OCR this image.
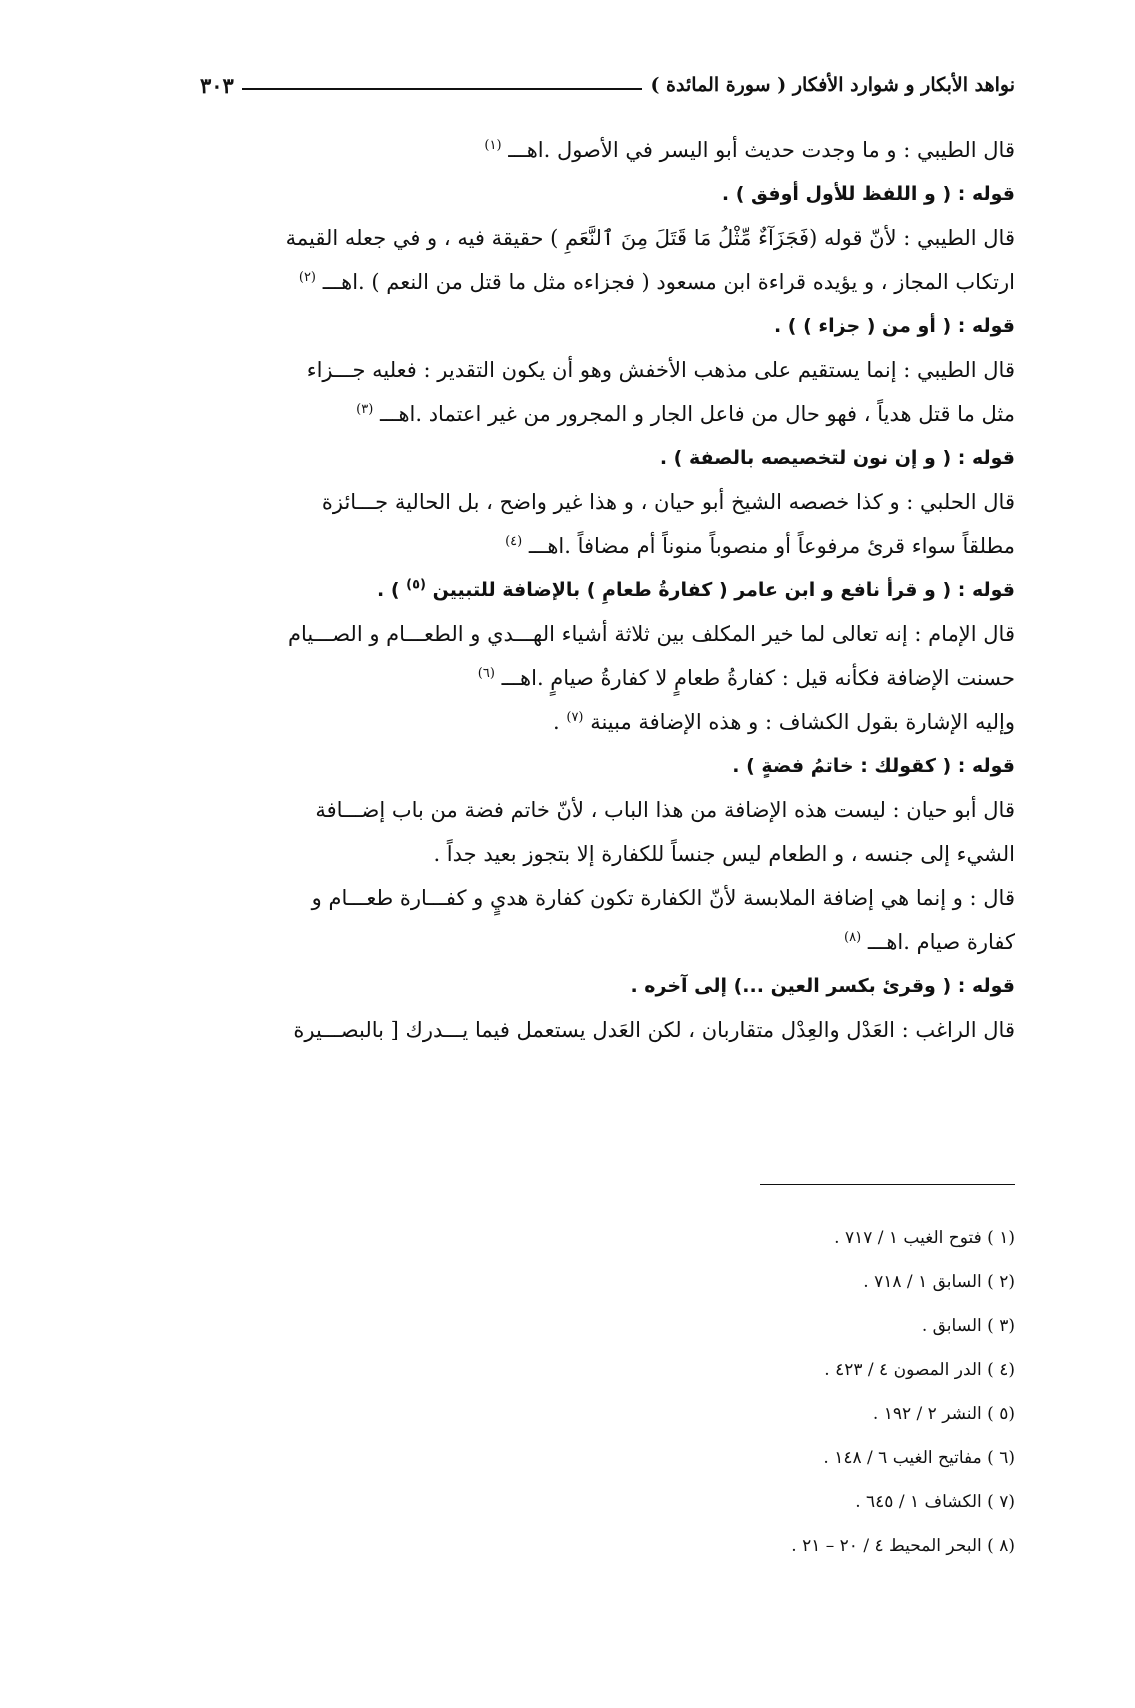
نواهد الأبكار و شوارد الأفكار ( سورة المائدة )
٣٠٣
قال الطيبي : و ما وجدت حديث أبو اليسر في الأصول .اهـــ $^{(١)}$
قوله : ( و اللفظ للأول أوفق ) .
قال الطيبي : لأنّ قوله (فَجَزَآءٌ مِّثْلُ مَا قَتَلَ مِنَ ٱلنَّعَمِ ) حقيقة فيه ، و في جعله القيمة
ارتكاب المجاز ، و يؤيده قراءة ابن مسعود ( فجزاءه مثل ما قتل من النعم ) .اهـــ $^{(٢)}$
قوله : ( أو من ( جزاء ) ) .
قال الطيبي : إنما يستقيم على مذهب الأخفش وهو أن يكون التقدير : فعليه جـــزاء
مثل ما قتل هدياً ، فهو حال من فاعل الجار و المجرور من غير اعتماد .اهـــ $^{(٣)}$
قوله : ( و إن نون لتخصيصه بالصفة ) .
قال الحلبي : و كذا خصصه الشيخ أبو حيان ، و هذا غير واضح ، بل الحالية جـــائزة
مطلقاً سواء قرئ مرفوعاً أو منصوباً منوناً أم مضافاً .اهـــ $^{(٤)}$
قوله : ( و قرأ نافع و ابن عامر ( كفارةُ طعامِ ) بالإضافة للتبيين $^{(٥)}$ ) .
قال الإمام : إنه تعالى لما خير المكلف بين ثلاثة أشياء الهـــدي و الطعـــام و الصـــيام
حسنت الإضافة فكأنه قيل : كفارةُ طعامٍ لا كفارةُ صيامٍ .اهـــ $^{(٦)}$
وإليه الإشارة بقول الكشاف : و هذه الإضافة مبينة $^{(٧)}$ .
قوله : ( كقولك : خاتمُ فضةٍ ) .
قال أبو حيان : ليست هذه الإضافة من هذا الباب ، لأنّ خاتم فضة من باب إضـــافة
الشيء إلى جنسه ، و الطعام ليس جنساً للكفارة إلا بتجوز بعيد جداً .
قال : و إنما هي إضافة الملابسة لأنّ الكفارة تكون كفارة هديٍ و كفـــارة طعـــام و
كفارة صيام .اهـــ $^{(٨)}$
قوله : ( وقرئ بكسر العين ...) إلى آخره .
قال الراغب : العَدْل والعِدْل متقاربان ، لكن العَدل يستعمل فيما يـــدرك [ بالبصـــيرة
(١ ) فتوح الغيب ١ / ٧١٧ .
(٢ ) السابق ١ / ٧١٨ .
(٣ ) السابق .
(٤ ) الدر المصون ٤ / ٤٢٣ .
(٥ ) النشر ٢ / ١٩٢ .
(٦ ) مفاتيح الغيب ٦ / ١٤٨ .
(٧ ) الكشاف ١ / ٦٤٥ .
(٨ ) البحر المحيط ٤ / ٢٠ – ٢١ .
